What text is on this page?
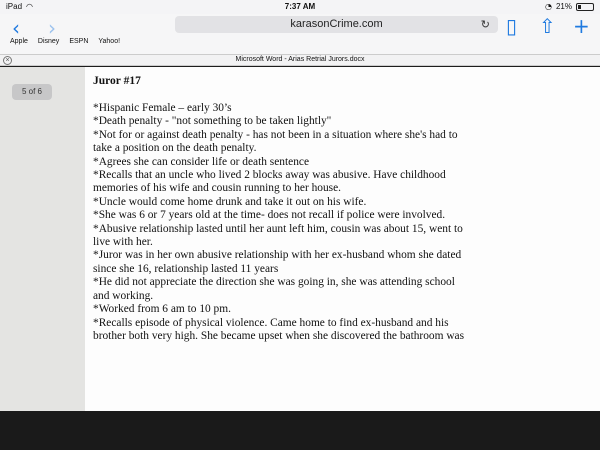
iPad ◠	7:37 AM	◔ 21%
‹ ›	karasonCrime.com	↻ ▯ ⇧ +
Apple Disney ESPN Yahoo!
×	Microsoft Word - Arias Retrial Jurors.docx
5 of 6
Juror #17
*Hispanic Female – early 30’s
*Death penalty - "not something to be taken lightly"
*Not for or against death penalty - has not been in a situation where she's had to
take a position on the death penalty.
*Agrees she can consider life or death sentence
*Recalls that an uncle who lived 2 blocks away was abusive. Have childhood
memories of his wife and cousin running to her house.
*Uncle would come home drunk and take it out on his wife.
*She was 6 or 7 years old at the time- does not recall if police were involved.
*Abusive relationship lasted until her aunt left him, cousin was about 15, went to
live with her.
*Juror was in her own abusive relationship with her ex-husband whom she dated
since she 16, relationship lasted 11 years
*He did not appreciate the direction she was going in, she was attending school
and working.
*Worked from 6 am to 10 pm.
*Recalls episode of physical violence. Came home to find ex-husband and his
brother both very high. She became upset when she discovered the bathroom was
